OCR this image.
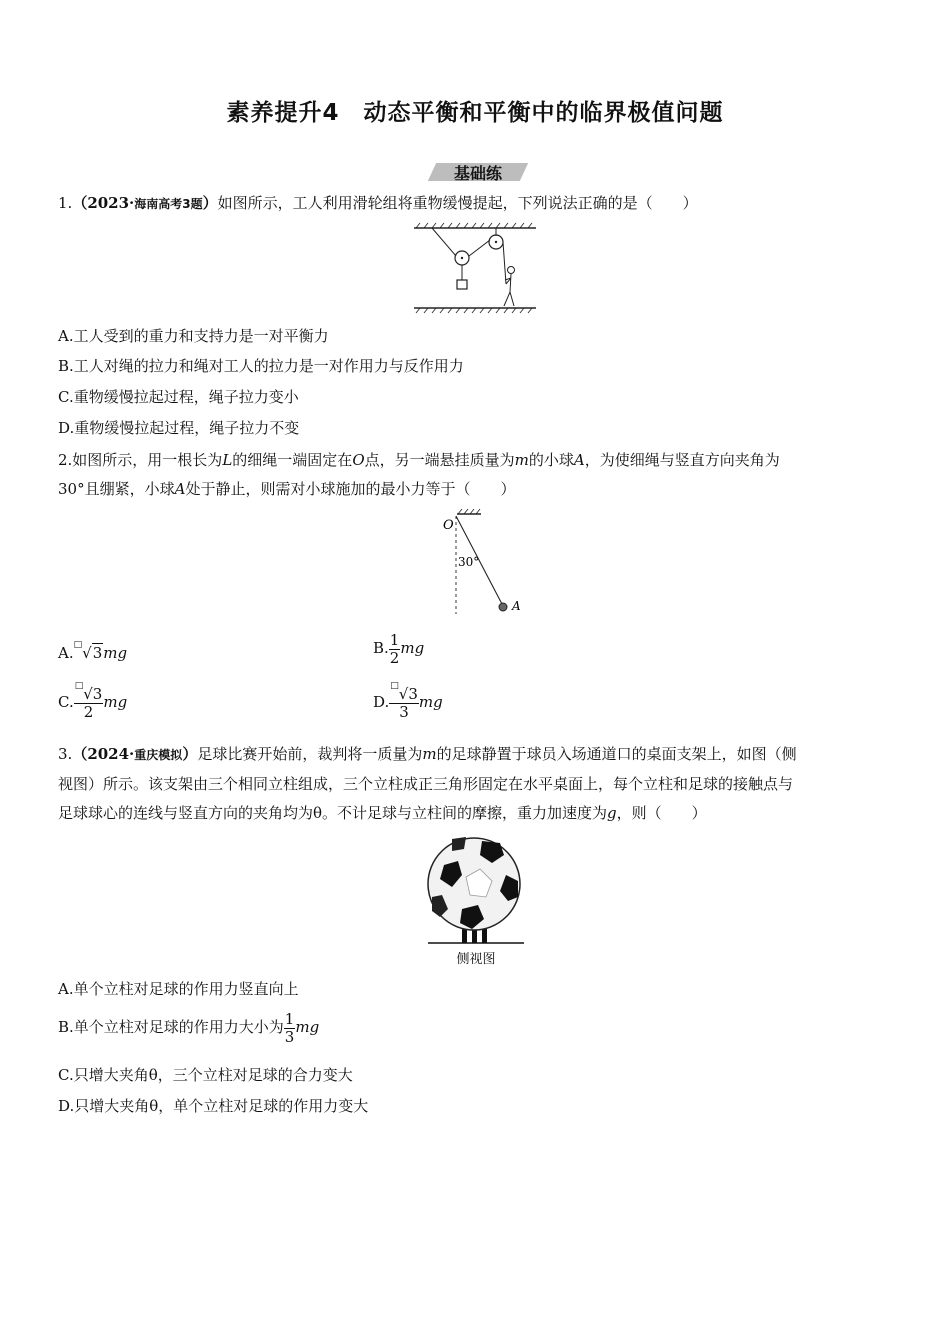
素养提升4　动态平衡和平衡中的临界极值问题
基础练
1.（2023·海南高考3题）如图所示，工人利用滑轮组将重物缓慢提起，下列说法正确的是（　　）
A.工人受到的重力和支持力是一对平衡力
B.工人对绳的拉力和绳对工人的拉力是一对作用力与反作用力
C.重物缓慢拉起过程，绳子拉力变小
D.重物缓慢拉起过程，绳子拉力不变
2.如图所示，用一根长为L的细绳一端固定在O点，另一端悬挂质量为m的小球A，为使细绳与竖直方向夹角为
30°且绷紧，小球A处于静止，则需对小球施加的最小力等于（　　）
O
30°
A
A.□√3mg	B. $\frac{1}{2}$ mg
C. $\frac{^□√3}{2}$ mg	D. $\frac{^□√3}{3}$ mg
3.（2024·重庆模拟）足球比赛开始前，裁判将一质量为m的足球静置于球员入场通道口的桌面支架上，如图（侧
视图）所示。该支架由三个相同立柱组成，三个立柱成正三角形固定在水平桌面上，每个立柱和足球的接触点与
足球球心的连线与竖直方向的夹角均为θ。不计足球与立柱间的摩擦，重力加速度为g，则（　　）
侧视图
A.单个立柱对足球的作用力竖直向上
B.单个立柱对足球的作用力大小为 $\frac{1}{3}$ mg
C.只增大夹角θ，三个立柱对足球的合力变大
D.只增大夹角θ，单个立柱对足球的作用力变大
